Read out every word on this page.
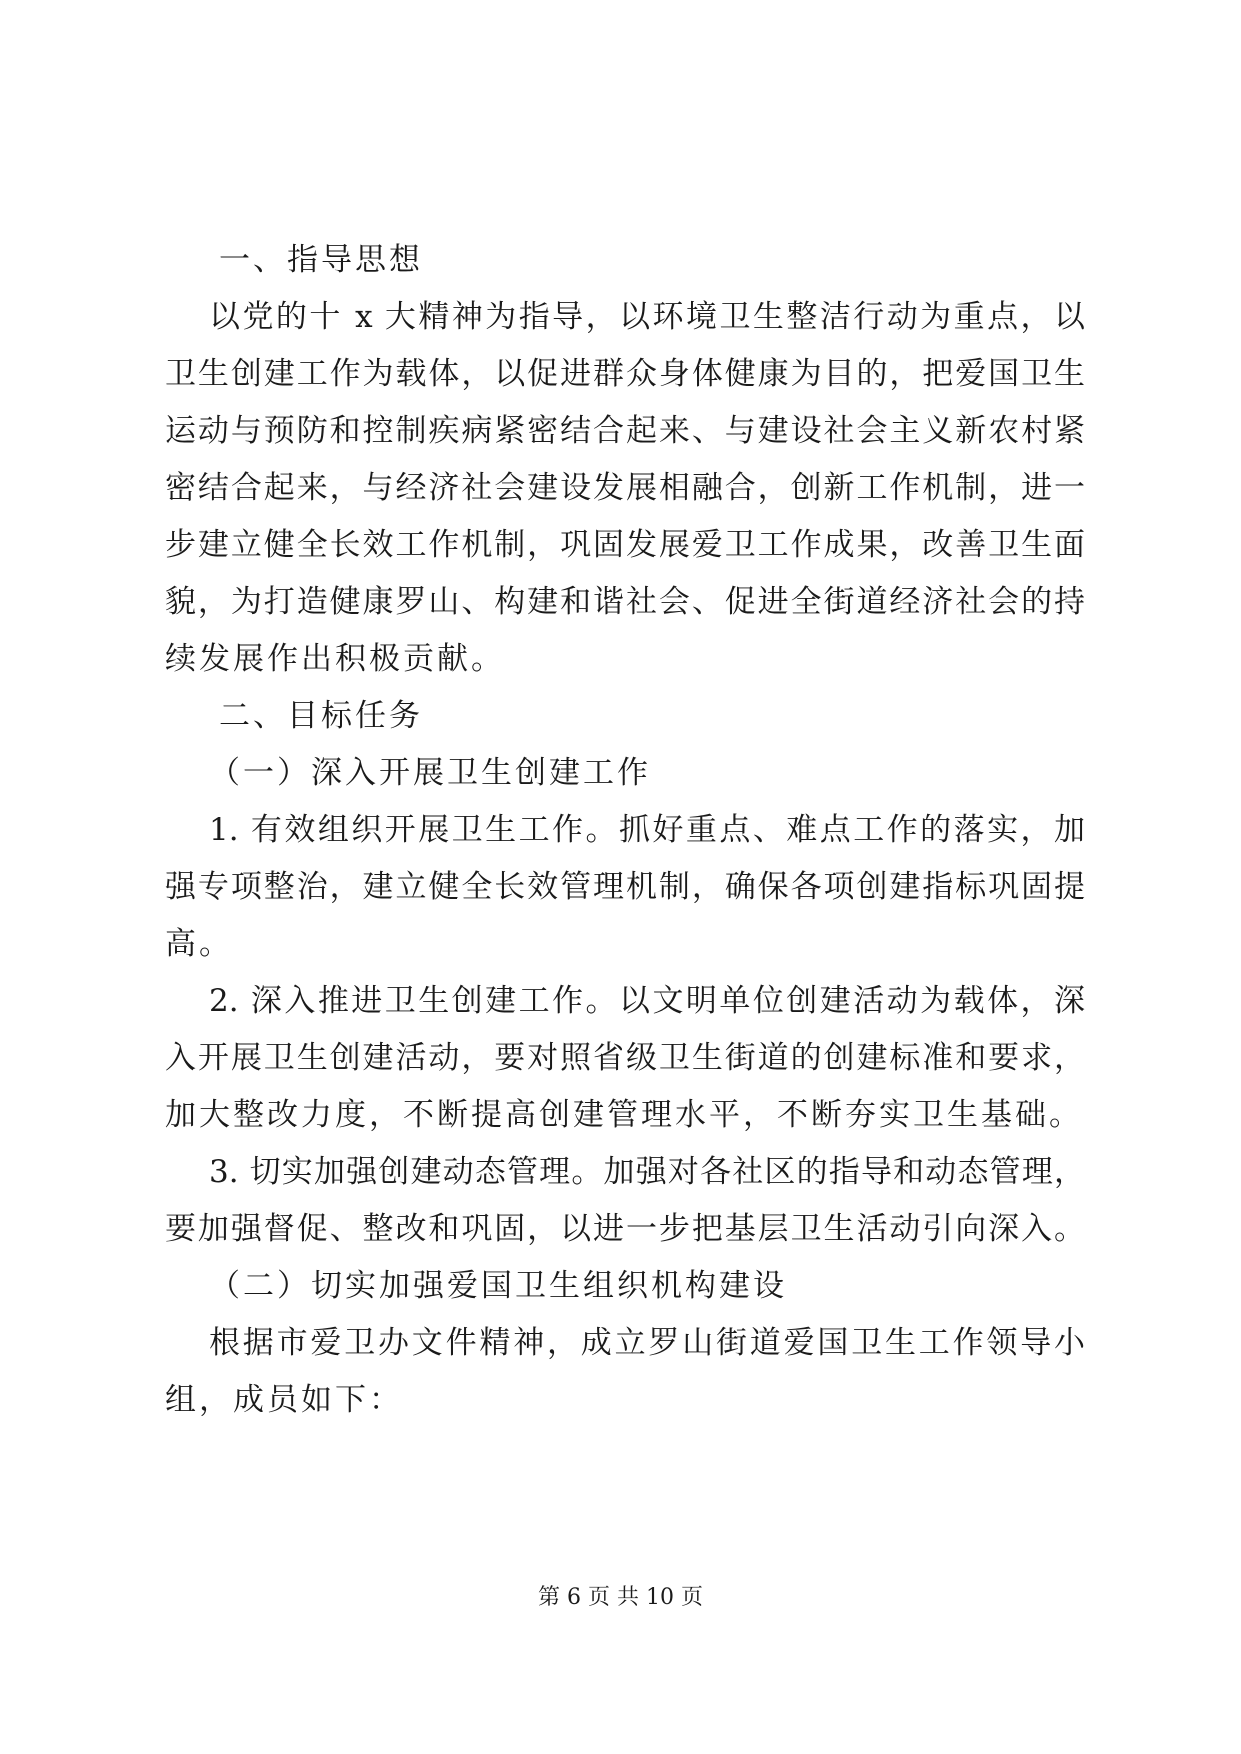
一、指导思想
以党的十 x 大精神为指导，以环境卫生整洁行动为重点，以
卫生创建工作为载体，以促进群众身体健康为目的，把爱国卫生
运动与预防和控制疾病紧密结合起来、与建设社会主义新农村紧
密结合起来，与经济社会建设发展相融合，创新工作机制，进一
步建立健全长效工作机制，巩固发展爱卫工作成果，改善卫生面
貌，为打造健康罗山、构建和谐社会、促进全街道经济社会的持
续发展作出积极贡献。
二、目标任务
（一）深入开展卫生创建工作
1. 有效组织开展卫生工作。抓好重点、难点工作的落实，加
强专项整治，建立健全长效管理机制，确保各项创建指标巩固提
高。
2. 深入推进卫生创建工作。以文明单位创建活动为载体，深
入开展卫生创建活动，要对照省级卫生街道的创建标准和要求，
加大整改力度，不断提高创建管理水平，不断夯实卫生基础。
3. 切实加强创建动态管理。加强对各社区的指导和动态管理，
要加强督促、整改和巩固，以进一步把基层卫生活动引向深入。
（二）切实加强爱国卫生组织机构建设
根据市爱卫办文件精神，成立罗山街道爱国卫生工作领导小
组，成员如下：
第 6 页 共 10 页
